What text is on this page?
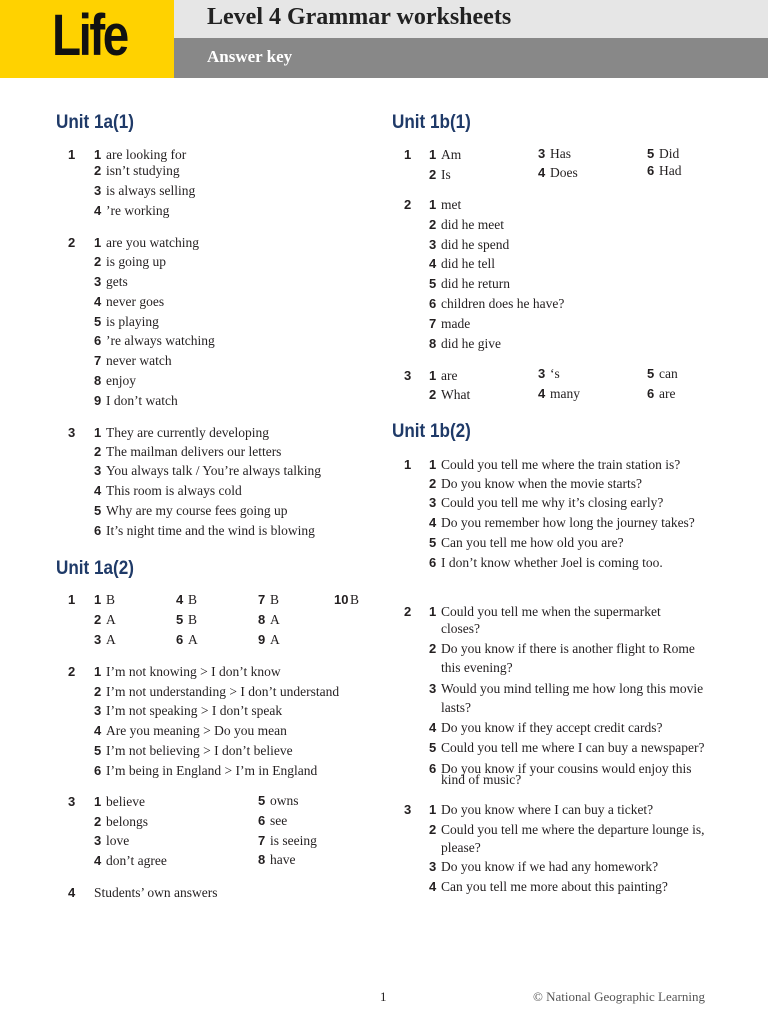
Life	Level 4 Grammar worksheets
Answer key
Unit 1a(1)
Unit 1a(2)
Unit 1b(1)
Unit 1b(2)
1 1 are looking for
2 isn’t studying
3 is always selling
4 ’re working
2 1 are you watching
2 is going up
3 gets
4 never goes
5 is playing
6 ’re always watching
7 never watch
8 enjoy
9 I don’t watch
3 1 They are currently developing
2 The mailman delivers our letters
3 You always talk / You’re always talking
4 This room is always cold
5 Why are my course fees going up
6 It’s night time and the wind is blowing
1 1 B
2 A
3 A
4 B
5 B
6 A
7 B
8 A
9 A
10 B
2 1 I’m not knowing > I don’t know
2 I’m not understanding > I don’t understand
3 I’m not speaking > I don’t speak
4 Are you meaning > Do you mean
5 I’m not believing > I don’t believe
6 I’m being in England > I’m in England
3 1 believe
2 belongs
3 love
4 don’t agree
5 owns
6 see
7 is seeing
8 have
4 Students’ own answers
1 1 Am
2 Is
3 Has
4 Does
5 Did
6 Had
2 1 met
2 did he meet
3 did he spend
4 did he tell
5 did he return
6 children does he have?
7 made
8 did he give
3 1 are
2 What
3 ‘s
4 many
5 can
6 are
1 1 Could you tell me where the train station is?
2 Do you know when the movie starts?
3 Could you tell me why it’s closing early?
4 Do you remember how long the journey takes?
5 Can you tell me how old you are?
6 I don’t know whether Joel is coming too.
2 1 Could you tell me when the supermarket
closes?
2 Do you know if there is another flight to Rome
this evening?
3 Would you mind telling me how long this movie
lasts?
4 Do you know if they accept credit cards?
5 Could you tell me where I can buy a newspaper?
6 Do you know if your cousins would enjoy this
kind of music?
3 1 Do you know where I can buy a ticket?
2 Could you tell me where the departure lounge is,
please?
3 Do you know if we had any homework?
4 Can you tell me more about this painting?
1	© National Geographic Learning
